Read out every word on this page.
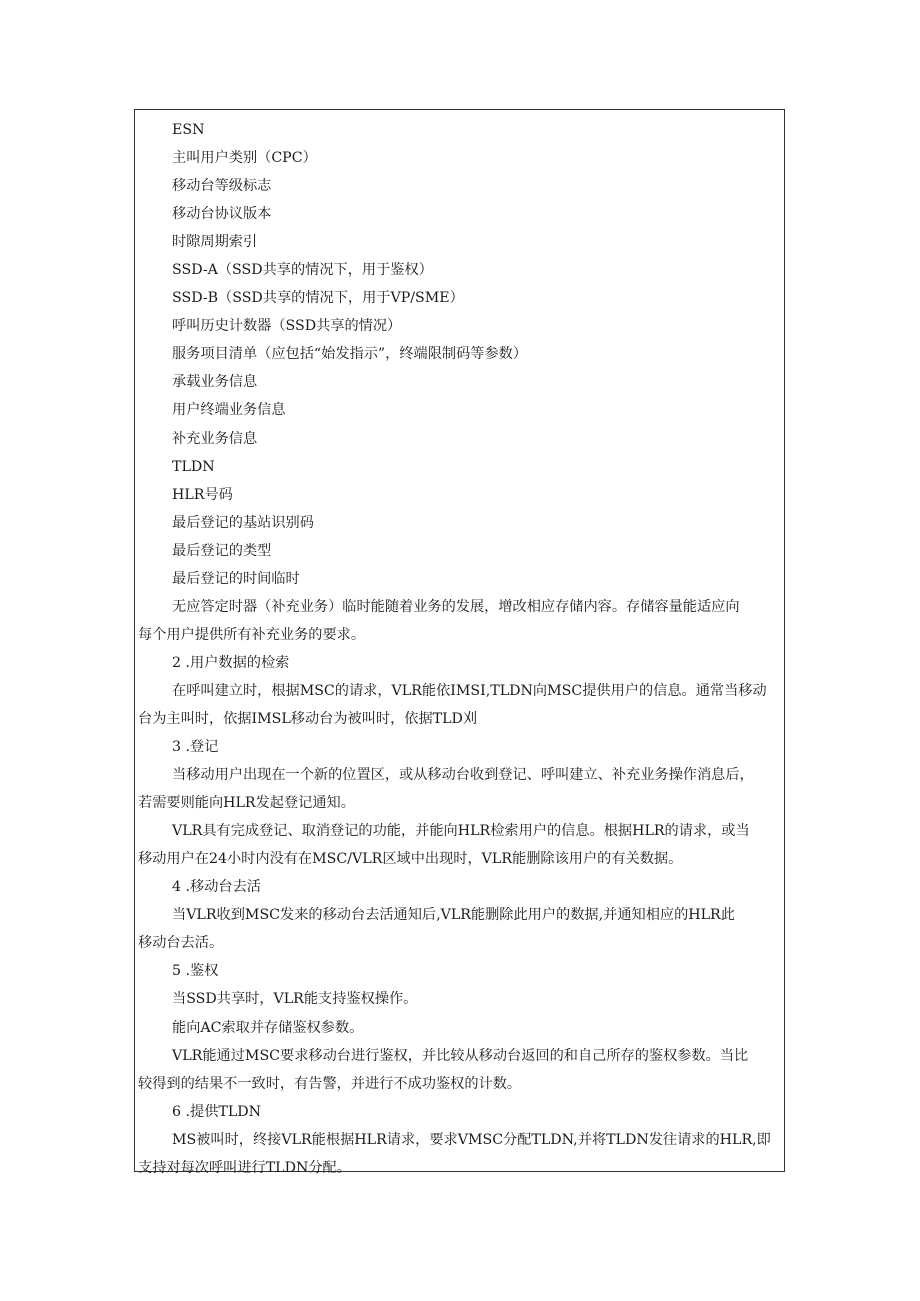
ESN
主叫用户类别（CPC）
移动台等级标志
移动台协议版本
时隙周期索引
SSD-A（SSD共享的情况下，用于鉴权）
SSD-B（SSD共享的情况下，用于VP/SME）
呼叫历史计数器（SSD共享的情况）
服务项目清单（应包括“始发指示”，终端限制码等参数）
承载业务信息
用户终端业务信息
补充业务信息
TLDN
HLR号码
最后登记的基站识别码
最后登记的类型
最后登记的时间临时
无应答定时器（补充业务）临时能随着业务的发展，增改相应存储内容。存储容量能适应向
每个用户提供所有补充业务的要求。
2 .用户数据的检索
在呼叫建立时，根据MSC的请求，VLR能依IMSI,TLDN向MSC提供用户的信息。通常当移动
台为主叫时，依据IMSL移动台为被叫时，依据TLD刈
3 .登记
当移动用户出现在一个新的位置区，或从移动台收到登记、呼叫建立、补充业务操作消息后，
若需要则能向HLR发起登记通知。
VLR具有完成登记、取消登记的功能，并能向HLR检索用户的信息。根据HLR的请求，或当
移动用户在24小时内没有在MSC/VLR区域中出现时，VLR能删除该用户的有关数据。
4 .移动台去活
当VLR收到MSC发来的移动台去活通知后,VLR能删除此用户的数据,并通知相应的HLR此
移动台去活。
5 .鉴权
当SSD共享时，VLR能支持鉴权操作。
能向AC索取并存储鉴权参数。
VLR能通过MSC要求移动台进行鉴权，并比较从移动台返回的和自己所存的鉴权参数。当比
较得到的结果不一致时，有告警，并进行不成功鉴权的计数。
6 .提供TLDN
MS被叫时，终接VLR能根据HLR请求，要求VMSC分配TLDN,并将TLDN发往请求的HLR,即
支持对每次呼叫进行TLDN分配。
